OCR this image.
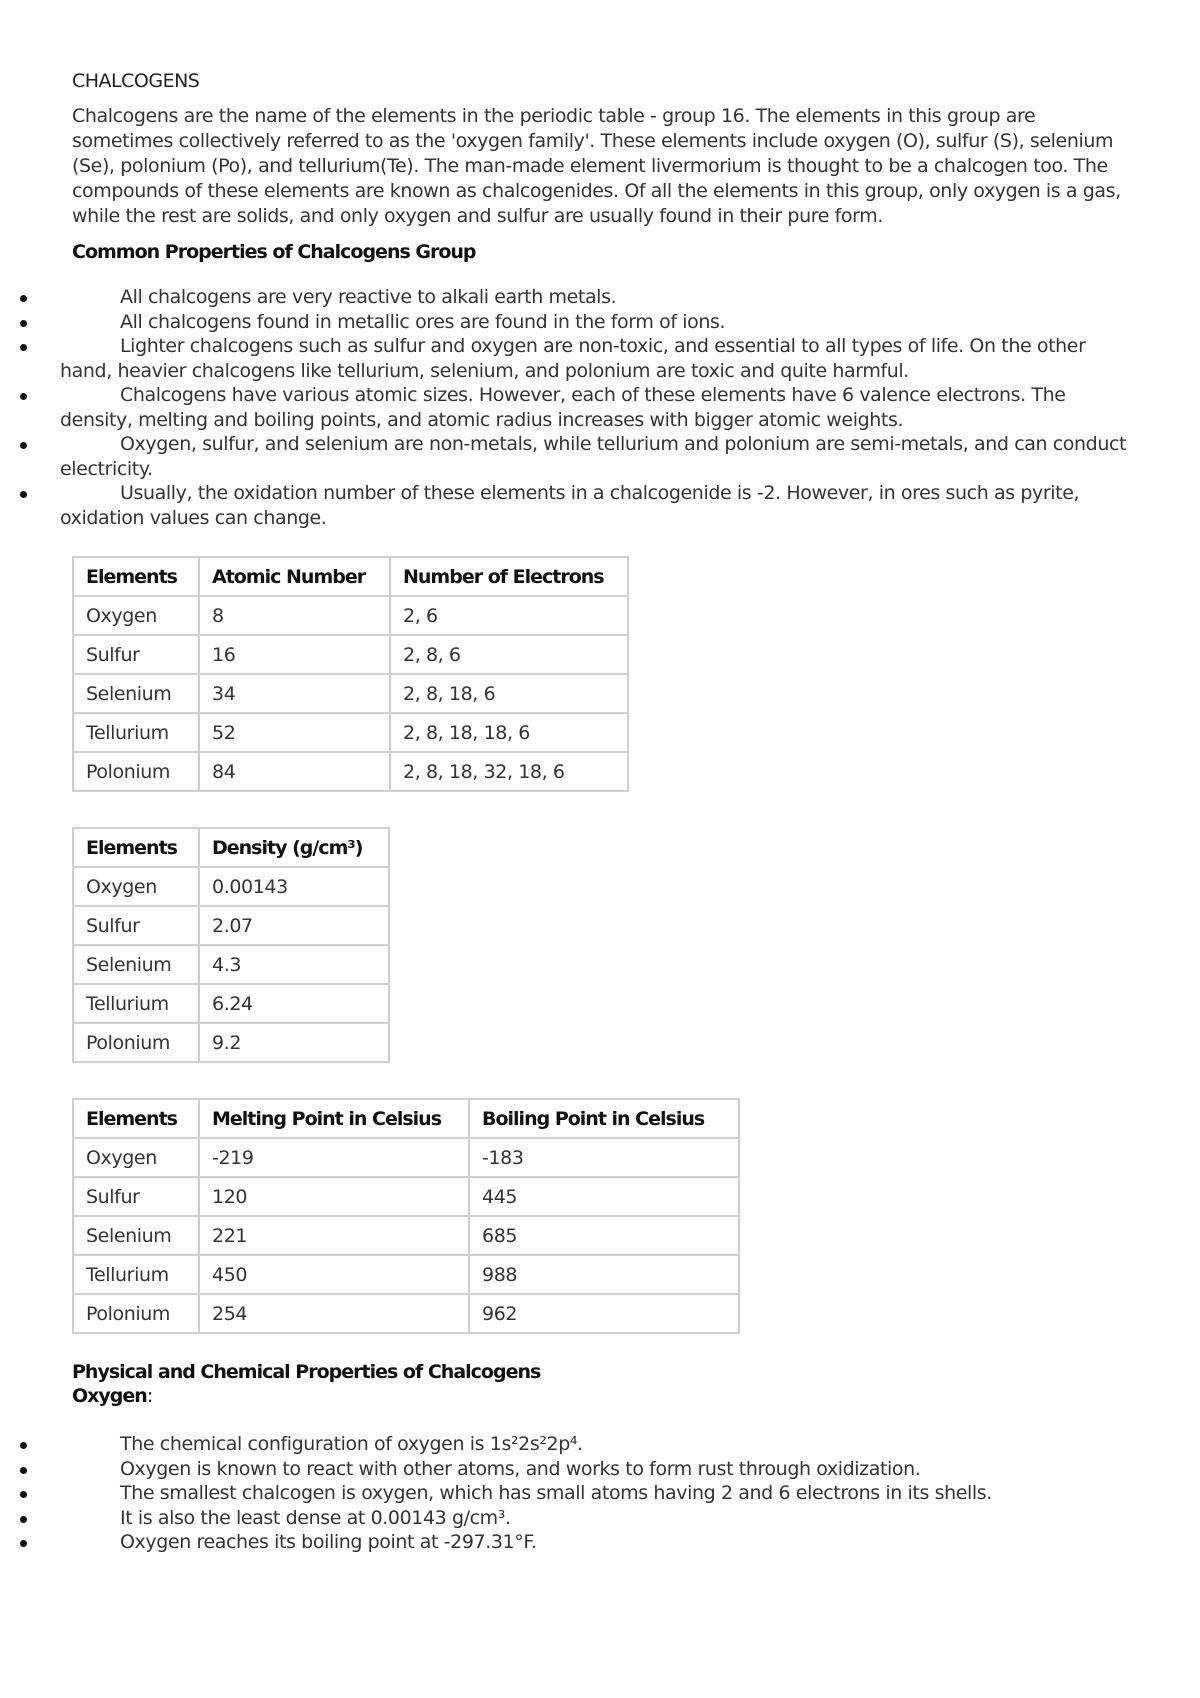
CHALCOGENS

Chalcogens are the name of the elements in the periodic table - group 16. The elements in this group are sometimes collectively referred to as the 'oxygen family'. These elements include oxygen (O), sulfur (S), selenium (Se), polonium (Po), and tellurium(Te). The man-made element livermorium is thought to be a chalcogen too. The compounds of these elements are known as chalcogenides. Of all the elements in this group, only oxygen is a gas, while the rest are solids, and only oxygen and sulfur are usually found in their pure form.

Common Properties of Chalcogens Group
All chalcogens are very reactive to alkali earth metals.
All chalcogens found in metallic ores are found in the form of ions.
Lighter chalcogens such as sulfur and oxygen are non-toxic, and essential to all types of life. On the other hand, heavier chalcogens like tellurium, selenium, and polonium are toxic and quite harmful.
Chalcogens have various atomic sizes. However, each of these elements have 6 valence electrons. The density, melting and boiling points, and atomic radius increases with bigger atomic weights.
Oxygen, sulfur, and selenium are non-metals, while tellurium and polonium are semi-metals, and can conduct electricity.
Usually, the oxidation number of these elements in a chalcogenide is -2. However, in ores such as pyrite, oxidation values can change.
Elements	Atomic Number	Number of Electrons
Oxygen	8	2, 6
Sulfur	16	2, 8, 6
Selenium	34	2, 8, 18, 6
Tellurium	52	2, 8, 18, 18, 6
Polonium	84	2, 8, 18, 32, 18, 6
Elements	Density (g/cm³)
Oxygen	0.00143
Sulfur	2.07
Selenium	4.3
Tellurium	6.24
Polonium	9.2
Elements	Melting Point in Celsius	Boiling Point in Celsius
Oxygen	-219	-183
Sulfur	120	445
Selenium	221	685
Tellurium	450	988
Polonium	254	962
Physical and Chemical Properties of Chalcogens
Oxygen:
The chemical configuration of oxygen is 1s²2s²2p⁴.
Oxygen is known to react with other atoms, and works to form rust through oxidization.
The smallest chalcogen is oxygen, which has small atoms having 2 and 6 electrons in its shells.
It is also the least dense at 0.00143 g/cm³.
Oxygen reaches its boiling point at -297.31°F.
